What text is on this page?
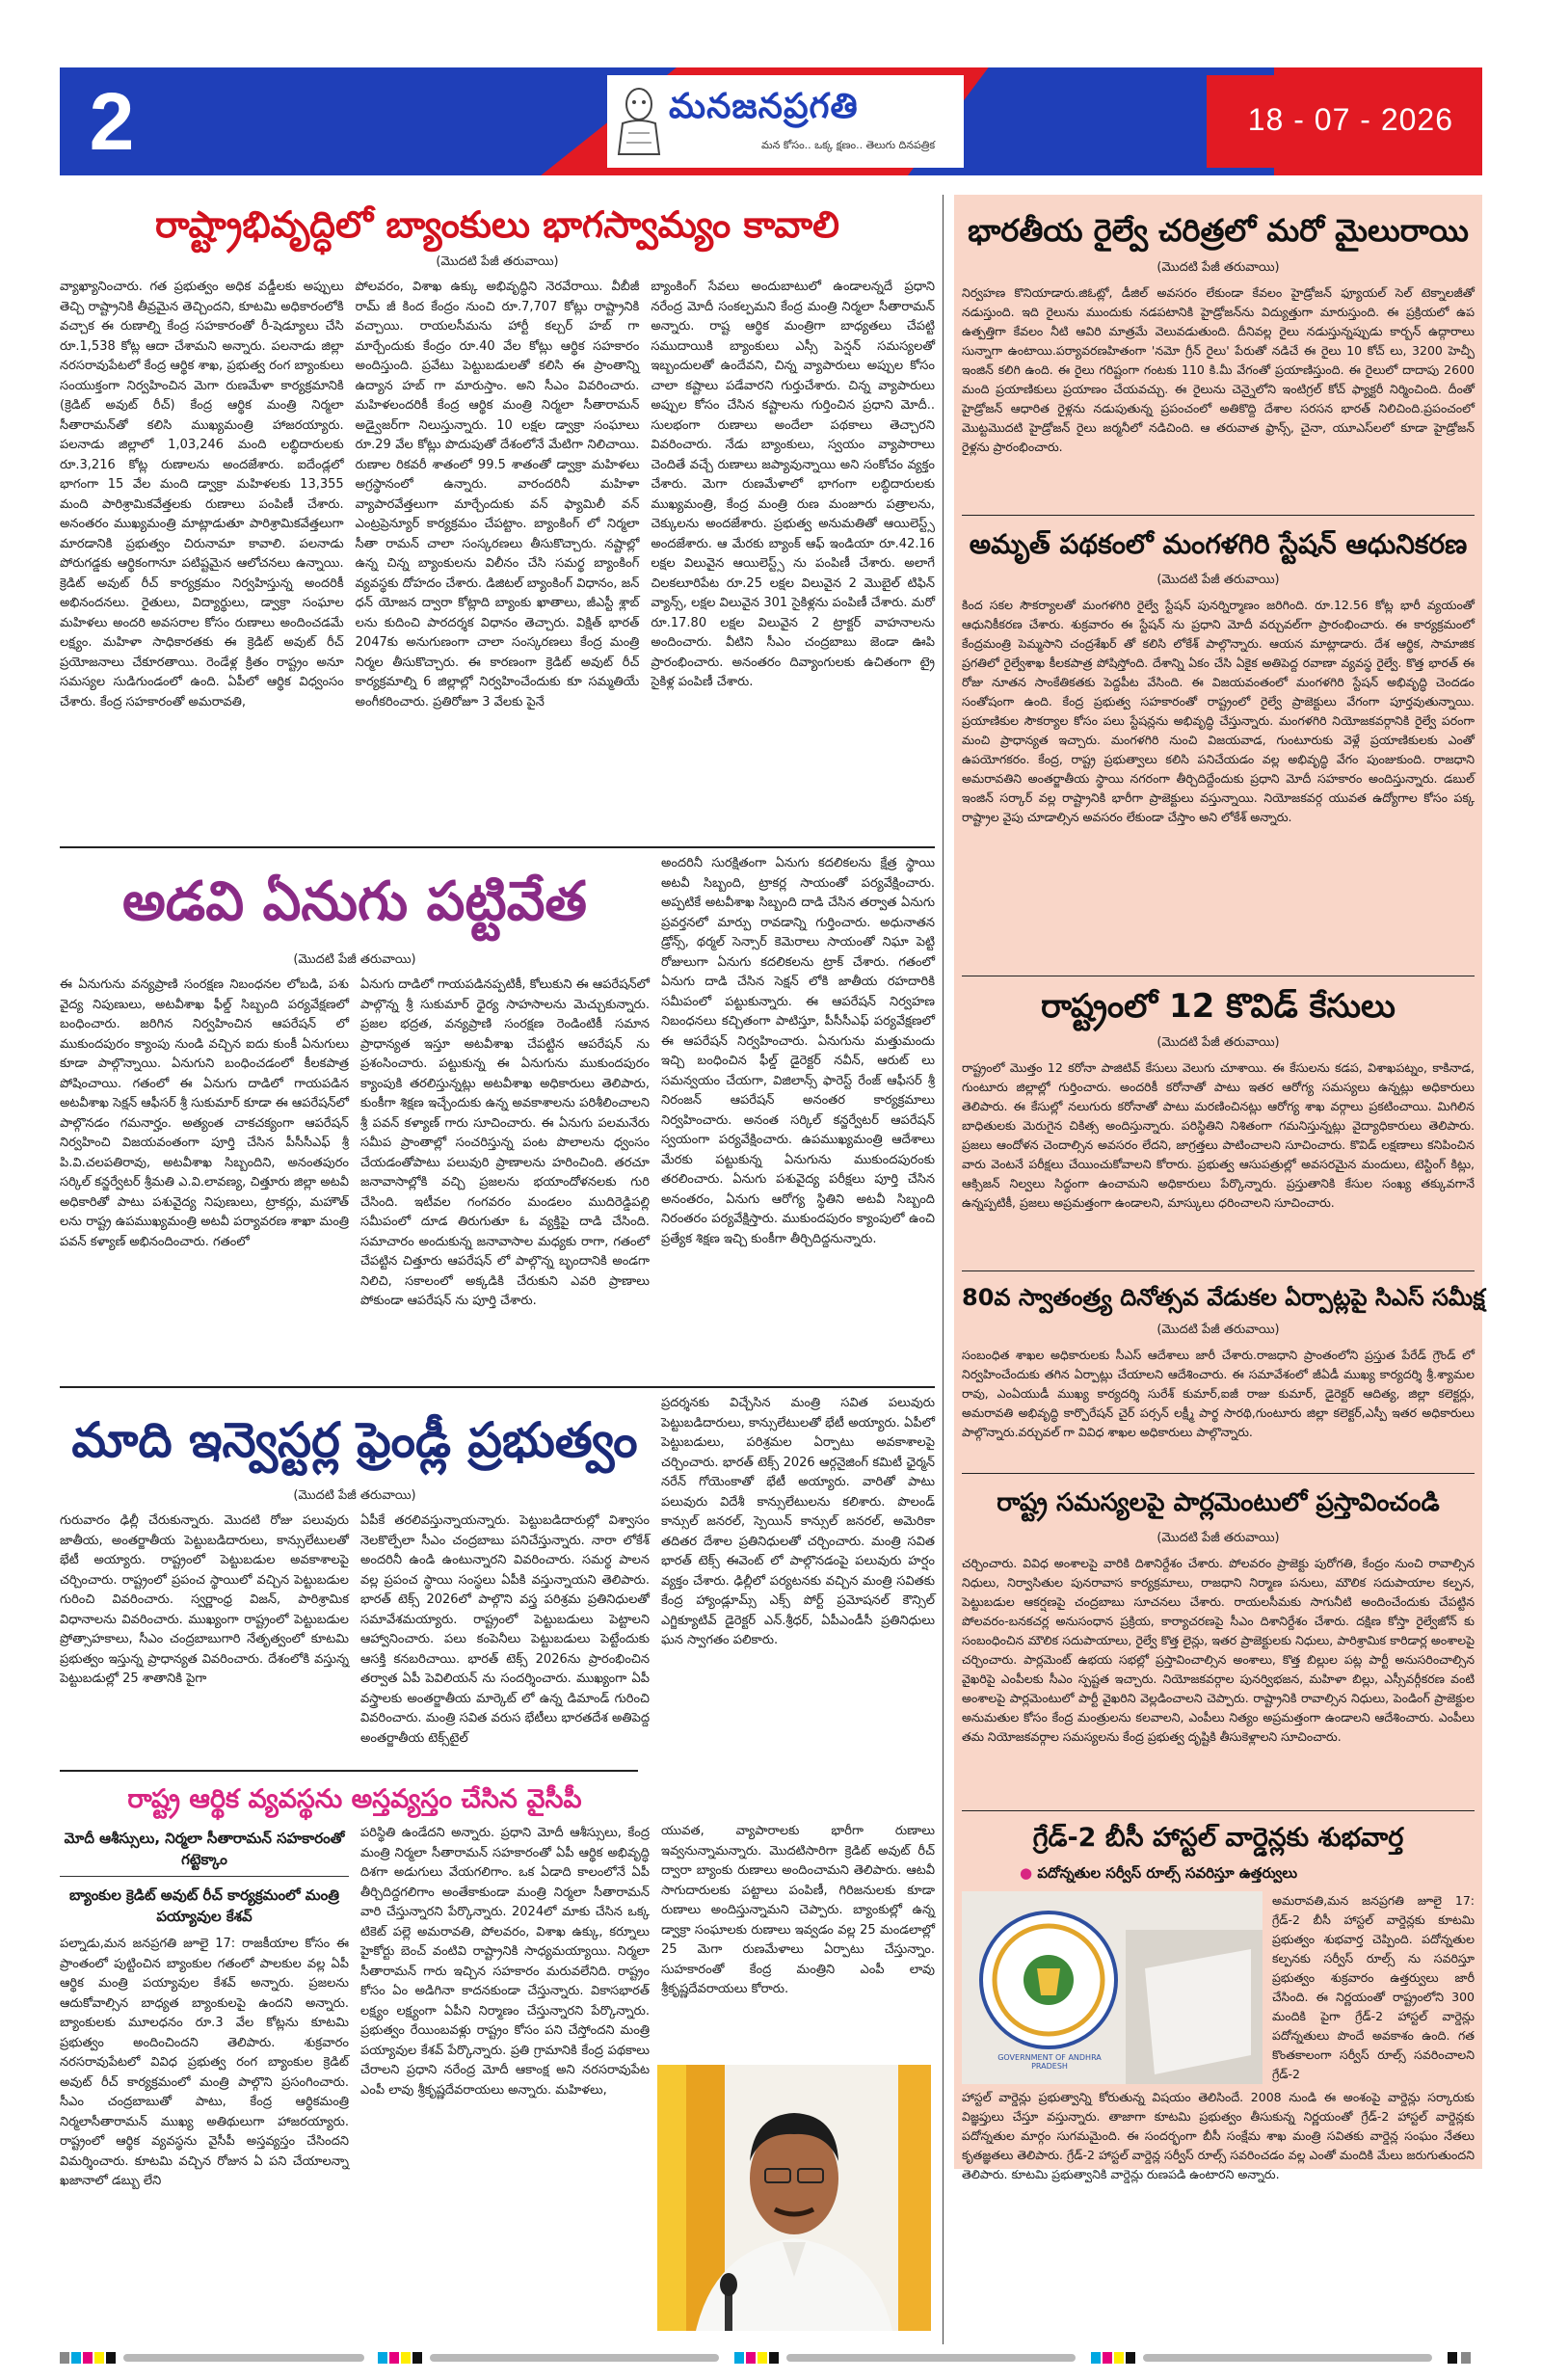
2	మనజనప్రగతి
మన కోసం.. ఒక్క క్షణం.. తెలుగు దినపత్రిక
18 - 07 - 2026
రాష్ట్రాభివృద్ధిలో బ్యాంకులు భాగస్వామ్యం కావాలి
(మొదటి పేజీ తరువాయి)
వ్యాఖ్యానించారు. గత ప్రభుత్వం అధిక వడ్డీలకు అప్పులు తెచ్చి రాష్ట్రానికి తీవ్రమైన తెచ్చిందని, కూటమి అధికారంలోకి వచ్చాక ఈ రుణాల్ని కేంద్ర సహకారంతో రీ-షెడ్యూలు చేసి రూ.1,538 కోట్ల ఆదా చేశామని అన్నారు. పలనాడు జిల్లా నరసరావుపేటలో కేంద్ర ఆర్థిక శాఖ, ప్రభుత్వ రంగ బ్యాంకులు సంయుక్తంగా నిర్వహించిన మెగా రుణమేళా కార్యక్రమానికి (క్రెడిట్ అవుట్ రీచ్) కేంద్ర ఆర్థిక మంత్రి నిర్మలా సీతారామన్‌తో కలిసి ముఖ్యమంత్రి హాజరయ్యారు. పలనాడు జిల్లాలో 1,03,246 మంది లబ్ధిదారులకు రూ.3,216 కోట్ల రుణాలను అందజేశారు. ఐదేండ్లలో భాగంగా 15 వేల మంది డ్వాక్రా మహిళలకు 13,355 మంది పారిశ్రామికవేత్తలకు రుణాలు పంపిణీ చేశారు. అనంతరం ముఖ్యమంత్రి మాట్లాడుతూ పారిశ్రామికవేత్తలుగా మారడానికి ప్రభుత్వం చిరునామా కావాలి. పలనాడు పోరుగడ్డకు ఆర్థికంగానూ పటిష్టమైన ఆలోచనలు ఉన్నాయి. క్రెడిట్ అవుట్ రీచ్ కార్యక్రమం నిర్వహిస్తున్న అందరికీ అభినందనలు. రైతులు, విద్యార్థులు, డ్వాక్రా సంఘాల మహిళలు అందరి అవసరాల కోసం రుణాలు అందించడమే లక్ష్యం. మహిళా సాధికారతకు ఈ క్రెడిట్ అవుట్ రీచ్ ప్రయోజనాలు చేకూరతాయి. రెండేళ్ల క్రితం రాష్ట్రం అనూ సమస్యల సుడిగుండంలో ఉంది. ఏపీలో ఆర్థిక విధ్వంసం చేశారు. కేంద్ర సహకారంతో అమరావతి,
పోలవరం, విశాఖ ఉక్కు అభివృద్ధిని నెరవేరాయి. వీబీజీ రామ్ జీ కింద కేంద్రం నుంచి రూ.7,707 కోట్లు రాష్ట్రానికి వచ్చాయి. రాయలసీమను హార్టీ కల్చర్ హబ్ గా మార్చేందుకు కేంద్రం రూ.40 వేల కోట్లు ఆర్థిక సహకారం అందిస్తుంది. ప్రవేటు పెట్టుబడులతో కలిసి ఈ ప్రాంతాన్ని ఉద్యాన హబ్ గా మారుస్తాం. అని సీఎం వివరించారు. మహిళలందరికీ కేంద్ర ఆర్థిక మంత్రి నిర్మలా సీతారామన్ అడ్వైజర్‌గా నిలుస్తున్నారు. 10 లక్షల డ్వాక్రా సంఘాలు రూ.29 వేల కోట్లు పొదుపుతో దేశంలోనే మేటిగా నిలిచాయి. రుణాల రికవరీ శాతంలో 99.5 శాతంతో డ్వాక్రా మహిళలు అగ్రస్థానంలో ఉన్నారు. వారందరినీ మహిళా వ్యాపారవేత్తలుగా మార్చేందుకు వన్ ఫ్యామిలీ వన్ ఎంట్రప్రెన్యూర్ కార్యక్రమం చేపట్టాం. బ్యాంకింగ్ లో నిర్మలా సీతా రామన్ చాలా సంస్కరణలు తీసుకొచ్చారు. నష్టాల్లో ఉన్న చిన్న బ్యాంకులను విలీనం చేసి సమర్థ బ్యాంకింగ్ వ్యవస్థకు దోహదం చేశారు. డిజిటల్ బ్యాంకింగ్ విధానం, జన్ ధన్ యోజన ద్వారా కోట్లాది బ్యాంకు ఖాతాలు, జీఎస్టీ శ్లాబ్ లను కుదించి పారదర్శక విధానం తెచ్చారు. విక్షిత్ భారత్ 2047కు అనుగుణంగా చాలా సంస్కరణలు కేంద్ర మంత్రి నిర్మల తీసుకొచ్చారు. ఈ కారణంగా క్రెడిట్ అవుట్ రీచ్ కార్యక్రమాల్ని 6 జిల్లాల్లో నిర్వహించేందుకు కూ సమ్మతియే అంగీకరించారు. ప్రతిరోజూ 3 వేలకు పైనే
బ్యాంకింగ్ సేవలు అందుబాటులో ఉండాలన్నదే ప్రధాని నరేంద్ర మోదీ సంకల్పమని కేంద్ర మంత్రి నిర్మలా సీతారామన్ అన్నారు. రాష్ట ఆర్థిక మంత్రిగా బాధ్యతలు చేపట్టి సముదాయికి బ్యాంకులు ఎస్సీ పెన్షన్ సమస్యలతో ఇబ్బందులతో ఉందేవని, చిన్న వ్యాపారులు అప్పుల కోసం చాలా కష్టాలు పడేవారని గుర్తుచేశారు. చిన్న వ్యాపారులు అప్పుల కోసం చేసిన కష్టాలను గుర్తించిన ప్రధాని మోదీ.. సులభంగా రుణాలు అందేలా పథకాలు తెచ్చారని వివరించారు. నేడు బ్యాంకులు, స్వయం వ్యాపారాలు చెందితే వచ్చే రుణాలు జప్యావున్నాయి అని సంకోచం వ్యక్తం చేశారు. మెగా రుణమేళాలో భాగంగా లబ్ధిదారులకు ముఖ్యమంత్రి, కేంద్ర మంత్రి రుణ మంజూరు పత్రాలను, చెక్కులను అందజేశారు. ప్రభుత్వ అనుమతితో ఆయిలెస్ట్స్ అందజేశారు. ఆ మేరకు బ్యాంక్ ఆఫ్ ఇండియా రూ.42.16 లక్షల విలువైన ఆయిలెస్ట్స్ ను పంపిణీ చేశారు. అలాగే చిలకలూరిపేట రూ.25 లక్షల విలువైన 2 మొబైల్ టిఫిన్ వ్యాన్స్, లక్షల విలువైన 301 సైకిళ్లను పంపిణీ చేశారు. మరో రూ.17.80 లక్షల విలువైన 2 ట్రాక్టర్ వాహనాలను అందించారు. వీటిని సీఎం చంద్రబాబు జెండా ఊపి ప్రారంభించారు. అనంతరం దివ్యాంగులకు ఉచితంగా ట్రై సైకిళ్ల పంపిణీ చేశారు.
అడవి ఏనుగు పట్టివేత
(మొదటి పేజీ తరువాయి)
ఈ ఏనుగును వన్యప్రాణి సంరక్షణ నిబంధనల లోబడి, పశు వైద్య నిపుణులు, అటవీశాఖ ఫీల్డ్ సిబ్బంది పర్యవేక్షణలో బంధించారు. జరిగిన నిర్వహించిన ఆపరేషన్ లో ముకుందపురం క్యాంపు నుండి వచ్చిన ఐదు కుంకీ ఏనుగులు కూడా పాల్గొన్నాయి. ఏనుగుని బంధించడంలో కీలకపాత్ర పోషించాయి. గతంలో ఈ ఏనుగు దాడిలో గాయపడిన అటవీశాఖ సెక్షన్ ఆఫీసర్ శ్రీ సుకుమార్ కూడా ఈ ఆపరేషన్‌లో పాల్గొనడం గమనార్హం. అత్యంత చాకచక్యంగా ఆపరేషన్ నిర్వహించి విజయవంతంగా పూర్తి చేసిన పీసీసీఎఫ్ శ్రీ పి.వి.చలపతిరావు, అటవీశాఖ సిబ్బందిని, అనంతపురం సర్కిల్ కన్జర్వేటర్ శ్రీమతి ఎ.వి.లావణ్య, చిత్తూరు జిల్లా అటవీ అధికారితో పాటు పశువైద్య నిపుణులు, ట్రాకర్లు, మహౌత్ లను రాష్ట్ర ఉపముఖ్యమంత్రి అటవీ పర్యావరణ శాఖా మంత్రి పవన్ కళ్యాణ్ అభినందించారు. గతంలో
ఏనుగు దాడిలో గాయపడినప్పటికీ, కోలుకుని ఈ ఆపరేషన్‌లో పాల్గొన్న శ్రీ సుకుమార్ ధైర్య సాహసాలను మెచ్చుకున్నారు. ప్రజల భద్రత, వన్యప్రాణి సంరక్షణ రెండింటికీ సమాన ప్రాధాన్యత ఇస్తూ అటవీశాఖ చేపట్టిన ఆపరేషన్ ను ప్రశంసించారు. పట్టుకున్న ఈ ఏనుగును ముకుందపురం క్యాంపుకి తరలిస్తున్నట్లు అటవీశాఖ అధికారులు తెలిపారు, కుంకీగా శిక్షణ ఇచ్చేందుకు ఉన్న అవకాశాలను పరిశీలించాలని శ్రీ పవన్ కళ్యాణ్ గారు సూచించారు. ఈ ఏనుగు పలమనేరు సమీప ప్రాంతాల్లో సంచరిస్తున్న పంట పొలాలను ధ్వంసం చేయడంతోపాటు పలువురి ప్రాణాలను హరించింది. తరచూ జనావాసాల్లోకి వచ్చి ప్రజలను భయాందోళనలకు గురి చేసింది. ఇటీవల గంగవరం మండలం ముదిరెడ్డిపల్లి సమీపంలో దూడ తిరుగుతూ ఓ వ్యక్తిపై దాడి చేసింది. సమాచారం అందుకున్న జనావాసాల మధ్యకు రాగా, గతంలో చేపట్టిన చిత్తూరు ఆపరేషన్ లో పాల్గొన్న బృందానికి అండగా నిలిచి, సకాలంలో అక్కడికి చేరుకుని ఎవరి ప్రాణాలు పోకుండా ఆపరేషన్ ను పూర్తి చేశారు.
అందరినీ సురక్షితంగా ఏనుగు కదలికలను క్షేత్ర స్థాయి అటవీ సిబ్బంది, ట్రాకర్ల సాయంతో పర్యవేక్షించారు. అప్పటికే అటవీశాఖ సిబ్బంది దాడి చేసిన తర్వాత ఏనుగు ప్రవర్తనలో మార్పు రావడాన్ని గుర్తించారు. అధునాతన డ్రోన్స్, థర్మల్ సెన్సార్ కెమెరాలు సాయంతో నిఘా పెట్టి రోజులుగా ఏనుగు కదలికలను ట్రాక్ చేశారు. గతంలో ఏనుగు దాడి చేసిన సెక్షన్ లోకి జాతీయ రహదారికి సమీపంలో పట్టుకున్నారు. ఈ ఆపరేషన్ నిర్వహణ నిబంధనలు కచ్చితంగా పాటిస్తూ, పీసీసీఎఫ్ పర్యవేక్షణలో ఈ ఆపరేషన్ నిర్వహించారు. ఏనుగును మత్తుమందు ఇచ్చి బంధించిన ఫీల్డ్ డైరెక్టర్ నవీన్, ఆరుట్ లు సమన్వయం చేయగా, విజిలాన్స్ ఫారెస్ట్ రేంజ్ ఆఫీసర్ శ్రీ నిరంజన్ ఆపరేషన్ అనంతర కార్యక్రమాలు నిర్వహించారు. అనంత సర్కిల్ కన్జర్వేటర్ ఆపరేషన్ స్వయంగా పర్యవేక్షించారు. ఉపముఖ్యమంత్రి ఆదేశాలు మేరకు పట్టుకున్న ఏనుగును ముకుందపురంకు తరలించారు. ఏనుగు పశువైద్య పరీక్షలు పూర్తి చేసిన అనంతరం, ఏనుగు ఆరోగ్య స్థితిని అటవీ సిబ్బంది నిరంతరం పర్యవేక్షిస్తారు. ముకుందపురం క్యాంపులో ఉంచి ప్రత్యేక శిక్షణ ఇచ్చి కుంకీగా తీర్చిదిద్దనున్నారు.
మాది ఇన్వెస్టర్ల ఫ్రెండ్లీ ప్రభుత్వం
(మొదటి పేజీ తరువాయి)
గురువారం ఢిల్లీ చేరుకున్నారు. మొదటి రోజు పలువురు జాతీయ, అంతర్జాతీయ పెట్టుబడిదారులు, కాన్సులేటులతో భేటీ అయ్యారు. రాష్ట్రంలో పెట్టుబడుల అవకాశాలపై చర్చించారు. రాష్ట్రంలో ప్రపంచ స్థాయిలో వచ్చిన పెట్టుబడుల గురించి వివరించారు. స్వర్ణాంధ్ర విజన్, పారిశ్రామిక విధానాలను వివరించారు. ముఖ్యంగా రాష్ట్రంలో పెట్టుబడుల ప్రోత్సాహకాలు, సీఎం చంద్రబాబుగారి నేతృత్వంలో కూటమి ప్రభుత్వం ఇస్తున్న ప్రాధాన్యత వివరించారు. దేశంలోకి వస్తున్న పెట్టుబడుల్లో 25 శాతానికి పైగా
ఏపీకే తరలివస్తున్నాయన్నారు. పెట్టుబడిదారుల్లో విశ్వాసం నెలకొల్పేలా సీఎం చంద్రబాబు పనిచేస్తున్నారు. నారా లోకేశ్ అందరినీ ఉండి ఉంటున్నారని వివరించారు. సమర్థ పాలన వల్ల ప్రపంచ స్థాయి సంస్థలు ఏపీకి వస్తున్నాయని తెలిపారు. భారత్ టెక్స్ 2026లో పాల్గొని వస్త్ర పరిశ్రమ ప్రతినిధులతో సమావేశమయ్యారు. రాష్ట్రంలో పెట్టుబడులు పెట్టాలని ఆహ్వానించారు. పలు కంపెనీలు పెట్టుబడులు పెట్టేందుకు ఆసక్తి కనబరిచాయి. భారత్ టెక్స్ 2026ను ప్రారంభించిన తర్వాత ఏపీ పెవిలియన్ ను సందర్శించారు. ముఖ్యంగా ఏపీ వస్త్రాలకు అంతర్జాతీయ మార్కెట్ లో ఉన్న డిమాండ్ గురించి వివరించారు. మంత్రి సవిత వరుస భేటీలు భారతదేశ అతిపెద్ద అంతర్జాతీయ టెక్స్‌టైల్
ప్రదర్శనకు విచ్చేసిన మంత్రి సవిత పలువురు పెట్టుబడిదారులు, కాన్సులేటులతో భేటీ అయ్యారు. ఏపీలో పెట్టుబడులు, పరిశ్రమల ఏర్పాటు అవకాశాలపై చర్చించారు. భారత్ టెక్స్ 2026 ఆర్గనైజింగ్ కమిటీ ఛైర్మన్ నరేన్ గోయెంకాతో భేటీ అయ్యారు. వారితో పాటు పలువురు విదేశీ కాన్సులేటులను కలిశారు. పొలండ్ కాన్సుల్ జనరల్, స్పెయిన్ కాన్సుల్ జనరల్, అమెరికా తదితర దేశాల ప్రతినిధులతో చర్చించారు. మంత్రి సవిత భారత్ టెక్స్ ఈవెంట్ లో పాల్గొనడంపై పలువురు హర్షం వ్యక్తం చేశారు. ఢిల్లీలో పర్యటనకు వచ్చిన మంత్రి సవితకు కేంద్ర హ్యాండ్లూమ్స్ ఎక్స్ పోర్ట్ ప్రమోషనల్ కౌన్సిల్ ఎగ్జిక్యూటివ్ డైరెక్టర్ ఎన్.శ్రీధర్, ఏపీఎండీసీ ప్రతినిధులు ఘన స్వాగతం పలికారు.
రాష్ట్ర ఆర్థిక వ్యవస్థను అస్తవ్యస్తం చేసిన వైసీపీ
మోదీ ఆశీస్సులు, నిర్మలా సీతారామన్ సహకారంతో గట్టెక్కాం
బ్యాంకుల క్రెడిట్ అవుట్ రీచ్ కార్యక్రమంలో మంత్రి పయ్యావుల కేశవ్
పల్నాడు,మన జనప్రగతి జూలై 17: రాజకీయాల కోసం ఈ ప్రాంతంలో పుట్టించిన బ్యాంకుల గతంలో పాలకుల వల్ల ఏపీ ఆర్థిక మంత్రి పయ్యావుల కేశవ్ అన్నారు. ప్రజలను ఆదుకోవాల్సిన బాధ్యత బ్యాంకులపై ఉందని అన్నారు. బ్యాంకులకు మూలధనం రూ.3 వేల కోట్లను కూటమి ప్రభుత్వం అందించిందని తెలిపారు. శుక్రవారం నరసరావుపేటలో వివిధ ప్రభుత్వ రంగ బ్యాంకుల క్రెడిట్ అవుట్ రీచ్ కార్యక్రమంలో మంత్రి పాల్గొని ప్రసంగించారు. సీఎం చంద్రబాబుతో పాటు, కేంద్ర ఆర్థికమంత్రి నిర్మలాసీతారామన్ ముఖ్య అతిథులుగా హాజరయ్యారు. రాష్ట్రంలో ఆర్థిక వ్యవస్థను వైసీపీ అస్తవ్యస్తం చేసిందని విమర్శించారు. కూటమి వచ్చిన రోజున ఏ పని చేయాలన్నా ఖజానాలో డబ్బు లేని
పరిస్థితి ఉండేదని అన్నారు. ప్రధాని మోదీ ఆశీస్సులు, కేంద్ర మంత్రి నిర్మలా సీతారామన్ సహకారంతో ఏపీ ఆర్థిక అభివృద్ధి దిశగా అడుగులు వేయగలిగాం. ఒక ఏడాది కాలంలోనే ఏపీ తీర్చిదిద్దగలిగాం అంతేకాకుండా మంత్రి నిర్మలా సీతారామన్ వారి చేస్తున్నారని పేర్కొన్నారు. 2024లో మాకు చేసిన ఒక్క టికెట్ పల్లె అమరావతి, పోలవరం, విశాఖ ఉక్కు, కర్నూలు హైకోర్టు బెంచ్ వంటివి రాష్ట్రానికి సాధ్యమయ్యాయి. నిర్మలా సీతారామన్ గారు ఇచ్చిన సహకారం మరువలేనిది. రాష్ట్రం కోసం ఏం అడిగినా కాదనకుండా చేస్తున్నారు. వికాసభారత్ లక్ష్యం లక్ష్యంగా ఏపీని నిర్మాణం చేస్తున్నారని పేర్కొన్నారు. ప్రభుత్వం రేయింబవళ్లు రాష్ట్రం కోసం పని చేస్తోందని మంత్రి పయ్యావుల కేశవ్ పేర్కొన్నారు. ప్రతి గ్రామానికి కేంద్ర పథకాలు చేరాలని ప్రధాని నరేంద్ర మోదీ ఆకాంక్ష అని నరసరావుపేట ఎంపీ లావు శ్రీకృష్ణదేవరాయలు అన్నారు. మహిళలు,
యువత, వ్యాపారాలకు భారీగా రుణాలు ఇవ్వనున్నామన్నారు. మొదటిసారిగా క్రెడిట్ అవుట్ రీచ్ ద్వారా బ్యాంకు రుణాలు అందించామని తెలిపారు. ఆటవీ సాగుదారులకు పట్టాలు పంపిణీ, గిరిజనులకు కూడా రుణాలు అందిస్తున్నామని చెప్పారు. బ్యాంకుల్లో ఉన్న డ్వాక్రా సంఘాలకు రుణాలు ఇవ్వడం వల్ల 25 మండలాల్లో 25 మెగా రుణమేళాలు ఏర్పాటు చేస్తున్నాం. సుహకారంతో కేంద్ర మంత్రిని ఎంపీ లావు శ్రీకృష్ణదేవరాయలు కోరారు.
భారతీయ రైల్వే చరిత్రలో మరో మైలురాయి
(మొదటి పేజీ తరువాయి)
నిర్వహణ కొనియాడారు.జిఓట్లో, డీజిల్ అవసరం లేకుండా కేవలం హైడ్రోజన్ ఫ్యూయల్ సెల్ టెక్నాలజీతో నడుస్తుంది. ఇది రైలును ముందుకు నడపటానికి హైడ్రోజన్‌ను విద్యుత్తుగా మారుస్తుంది. ఈ ప్రక్రియలో ఉప ఉత్పత్తిగా కేవలం నీటి ఆవిరి మాత్రమే వెలువడుతుంది. దీనివల్ల రైలు నడుస్తున్నప్పుడు కార్బన్ ఉద్గారాలు సున్నాగా ఉంటాయి.పర్యావరణహితంగా 'నమో గ్రీన్ రైలు' పేరుతో నడిచే ఈ రైలు 10 కోచ్ లు, 3200 హెచ్పీ ఇంజిన్ కలిగి ఉంది. ఈ రైలు గరిష్టంగా గంటకు 110 కి.మీ వేగంతో ప్రయాణిస్తుంది. ఈ రైలులో దాదాపు 2600 మంది ప్రయాణికులు ప్రయాణం చేయవచ్చు. ఈ రైలును చెన్నైలోని ఇంటిగ్రల్ కోచ్ ఫ్యాక్టరీ నిర్మించింది. దీంతో హైడ్రోజన్ ఆధారిత రైళ్లను నడుపుతున్న ప్రపంచంలో అతికొద్ది దేశాల సరసన భారత్ నిలిచింది.ప్రపంచంలో మొట్టమొదటి హైడ్రోజన్ రైలు జర్మనీలో నడిచింది. ఆ తరువాత ఫ్రాన్స్, చైనా, యూఎస్‌లలో కూడా హైడ్రోజన్ రైళ్లను ప్రారంభించారు.
అమృత్ పథకంలో మంగళగిరి స్టేషన్ ఆధునికరణ
(మొదటి పేజీ తరువాయి)
కింద సకల సౌకర్యాలతో మంగళగిరి రైల్వే స్టేషన్ పునర్నిర్మాణం జరిగింది. రూ.12.56 కోట్ల భారీ వ్యయంతో ఆధునికీకరణ చేశారు. శుక్రవారం ఈ స్టేషన్ ను ప్రధాని మోదీ వర్చువల్‌గా ప్రారంభించారు. ఈ కార్యక్రమంలో కేంద్రమంత్రి పెమ్మసాని చంద్రశేఖర్ తో కలిసి లోకేశ్ పాల్గొన్నారు. ఆయన మాట్లాడారు. దేశ ఆర్థిక, సామాజిక ప్రగతిలో రైల్వేశాఖ కీలకపాత్ర పోషిస్తోంది. దేశాన్ని ఏకం చేసి ఏకైక అతిపెద్ద రవాణా వ్యవస్థ రైల్వే. కొత్త భారత్ ఈ రోజు నూతన సాంకేతికతకు పెద్దపీట వేసింది. ఈ విజయవంతంలో మంగళగిరి స్టేషన్ అభివృద్ధి చెందడం సంతోషంగా ఉంది. కేంద్ర ప్రభుత్వ సహకారంతో రాష్ట్రంలో రైల్వే ప్రాజెక్టులు వేగంగా పూర్తవుతున్నాయి. ప్రయాణికుల సౌకర్యాల కోసం పలు స్టేషన్లను అభివృద్ధి చేస్తున్నారు. మంగళగిరి నియోజకవర్గానికి రైల్వే పరంగా మంచి ప్రాధాన్యత ఇచ్చారు. మంగళగిరి నుంచి విజయవాడ, గుంటూరుకు వెళ్లే ప్రయాణికులకు ఎంతో ఉపయోగకరం. కేంద్ర, రాష్ట్ర ప్రభుత్వాలు కలిసి పనిచేయడం వల్ల అభివృద్ధి వేగం పుంజుకుంది. రాజధాని అమరావతిని అంతర్జాతీయ స్థాయి నగరంగా తీర్చిదిద్దేందుకు ప్రధాని మోదీ సహకారం అందిస్తున్నారు. డబుల్ ఇంజిన్ సర్కార్ వల్ల రాష్ట్రానికి భారీగా ప్రాజెక్టులు వస్తున్నాయి. నియోజకవర్గ యువత ఉద్యోగాల కోసం పక్క రాష్ట్రాల వైపు చూడాల్సిన అవసరం లేకుండా చేస్తాం అని లోకేశ్ అన్నారు.
రాష్ట్రంలో 12 కొవిడ్ కేసులు
(మొదటి పేజీ తరువాయి)
రాష్ట్రంలో మొత్తం 12 కరోనా పాజిటివ్ కేసులు వెలుగు చూశాయి. ఈ కేసులను కడప, విశాఖపట్నం, కాకినాడ, గుంటూరు జిల్లాల్లో గుర్తించారు. అందరికీ కరోనాతో పాటు ఇతర ఆరోగ్య సమస్యలు ఉన్నట్లు అధికారులు తెలిపారు. ఈ కేసుల్లో నలుగురు కరోనాతో పాటు మరణించినట్లు ఆరోగ్య శాఖ వర్గాలు ప్రకటించాయి. మిగిలిన బాధితులకు మెరుగైన చికిత్స అందిస్తున్నారు. పరిస్థితిని నిశితంగా గమనిస్తున్నట్లు వైద్యాధికారులు తెలిపారు. ప్రజలు ఆందోళన చెందాల్సిన అవసరం లేదని, జాగ్రత్తలు పాటించాలని సూచించారు. కొవిడ్ లక్షణాలు కనిపించిన వారు వెంటనే పరీక్షలు చేయించుకోవాలని కోరారు. ప్రభుత్వ ఆసుపత్రుల్లో అవసరమైన మందులు, టెస్టింగ్ కిట్లు, ఆక్సిజన్ నిల్వలు సిద్ధంగా ఉంచామని అధికారులు పేర్కొన్నారు. ప్రస్తుతానికి కేసుల సంఖ్య తక్కువగానే ఉన్నప్పటికీ, ప్రజలు అప్రమత్తంగా ఉండాలని, మాస్కులు ధరించాలని సూచించారు.
80వ స్వాతంత్ర్య దినోత్సవ వేడుకల ఏర్పాట్లపై సిఎస్ సమీక్ష
(మొదటి పేజీ తరువాయి)
సంబంధిత శాఖల అధికారులకు సీఎస్ ఆదేశాలు జారీ చేశారు.రాజధాని ప్రాంతంలోని ప్రస్తుత పేరేడ్ గ్రౌండ్ లో నిర్వహించేందుకు తగిన ఏర్పాట్లు చేయాలని ఆదేశించారు. ఈ సమావేశంలో జీఏడీ ముఖ్య కార్యదర్శి శ్రీ.శ్యామల రావు, ఎంఏయుడీ ముఖ్య కార్యదర్శి సురేశ్ కుమార్,ఐజీ రాజు కుమార్, డైరెక్టర్ ఆదిత్య, జిల్లా కలెక్టర్లు, అమరావతి అభివృద్ధి కార్పొరేషన్ చైర్ పర్సన్ లక్ష్మీ పార్థ సారథి,గుంటూరు జిల్లా కలెక్టర్,ఎస్పీ ఇతర అధికారులు పాల్గొన్నారు.వర్చువల్ గా వివిధ శాఖల అధికారులు పాల్గొన్నారు.
రాష్ట్ర సమస్యలపై పార్లమెంటులో ప్రస్తావించండి
(మొదటి పేజీ తరువాయి)
చర్చించారు. వివిధ అంశాలపై వారికి దిశానిర్దేశం చేశారు. పోలవరం ప్రాజెక్టు పురోగతి, కేంద్రం నుంచి రావాల్సిన నిధులు, నిర్వాసితుల పునరావాస కార్యక్రమాలు, రాజధాని నిర్మాణ పనులు, మౌలిక సదుపాయాల కల్పన, పెట్టుబడుల ఆకర్షణపై చంద్రబాబు సూచనలు చేశారు. రాయలసీమకు సాగునీటి అందించేందుకు చేపట్టిన పోలవరం-బనకచర్ల అనుసంధాన ప్రక్రియ, కార్యాచరణపై సీఎం దిశానిర్దేశం చేశారు. దక్షిణ కోస్తా రైల్వేజోన్ కు సంబంధించిన మౌలిక సదుపాయాలు, రైల్వే కొత్త లైన్లు, ఇతర ప్రాజెక్టులకు నిధులు, పారిశ్రామిక కారిడార్ల అంశాలపై చర్చించారు. పార్లమెంట్ ఉభయ సభల్లో ప్రస్తావించాల్సిన అంశాలు, కొత్త బిల్లుల పట్ల పార్టీ అనుసరించాల్సిన వైఖరిపై ఎంపీలకు సీఎం స్పష్టత ఇచ్చారు. నియోజకవర్గాల పునర్విభజన, మహిళా బిల్లు, ఎస్సీవర్గీకరణ వంటి అంశాలపై పార్లమెంటులో పార్టీ వైఖరిని వెల్లడించాలని చెప్పారు. రాష్ట్రానికి రావాల్సిన నిధులు, పెండింగ్ ప్రాజెక్టుల అనుమతుల కోసం కేంద్ర మంత్రులను కలవాలని, ఎంపీలు నిత్యం అప్రమత్తంగా ఉండాలని ఆదేశించారు. ఎంపీలు తమ నియోజకవర్గాల సమస్యలను కేంద్ర ప్రభుత్వ దృష్టికి తీసుకెళ్లాలని సూచించారు.
గ్రేడ్-2 బీసీ హాస్టల్ వార్డెన్లకు శుభవార్త
● పదోన్నతుల సర్వీస్ రూల్స్ సవరిస్తూ ఉత్తర్వులు
GOVERNMENT OF ANDHRA PRADESH
అమరావతి,మన జనప్రగతి జూలై 17: గ్రేడ్-2 బీసీ హాస్టల్ వార్డెన్లకు కూటమి ప్రభుత్వం శుభవార్త చెప్పింది. పదోన్నతుల కల్పనకు సర్వీస్ రూల్స్ ను సవరిస్తూ ప్రభుత్వం శుక్రవారం ఉత్తర్వులు జారీ చేసింది. ఈ నిర్ణయంతో రాష్ట్రంలోని 300 మందికి పైగా గ్రేడ్-2 హాస్టల్ వార్డెన్లు పదోన్నతులు పొందే అవకాశం ఉంది. గత కొంతకాలంగా సర్వీస్ రూల్స్ సవరించాలని గ్రేడ్-2
హాస్టల్ వార్డెన్లు ప్రభుత్వాన్ని కోరుతున్న విషయం తెలిసిందే. 2008 నుండి ఈ అంశంపై వార్డెన్లు సర్కారుకు విజ్ఞప్తులు చేస్తూ వస్తున్నారు. తాజాగా కూటమి ప్రభుత్వం తీసుకున్న నిర్ణయంతో గ్రేడ్-2 హాస్టల్ వార్డెన్లకు పదోన్నతుల మార్గం సుగమమైంది. ఈ సందర్భంగా బీసీ సంక్షేమ శాఖ మంత్రి సవితకు వార్డెన్ల సంఘం నేతలు కృతజ్ఞతలు తెలిపారు. గ్రేడ్-2 హాస్టల్ వార్డెన్ల సర్వీస్ రూల్స్ సవరించడం వల్ల ఎంతో మందికి మేలు జరుగుతుందని తెలిపారు. కూటమి ప్రభుత్వానికి వార్డెన్లు రుణపడి ఉంటారని అన్నారు.
